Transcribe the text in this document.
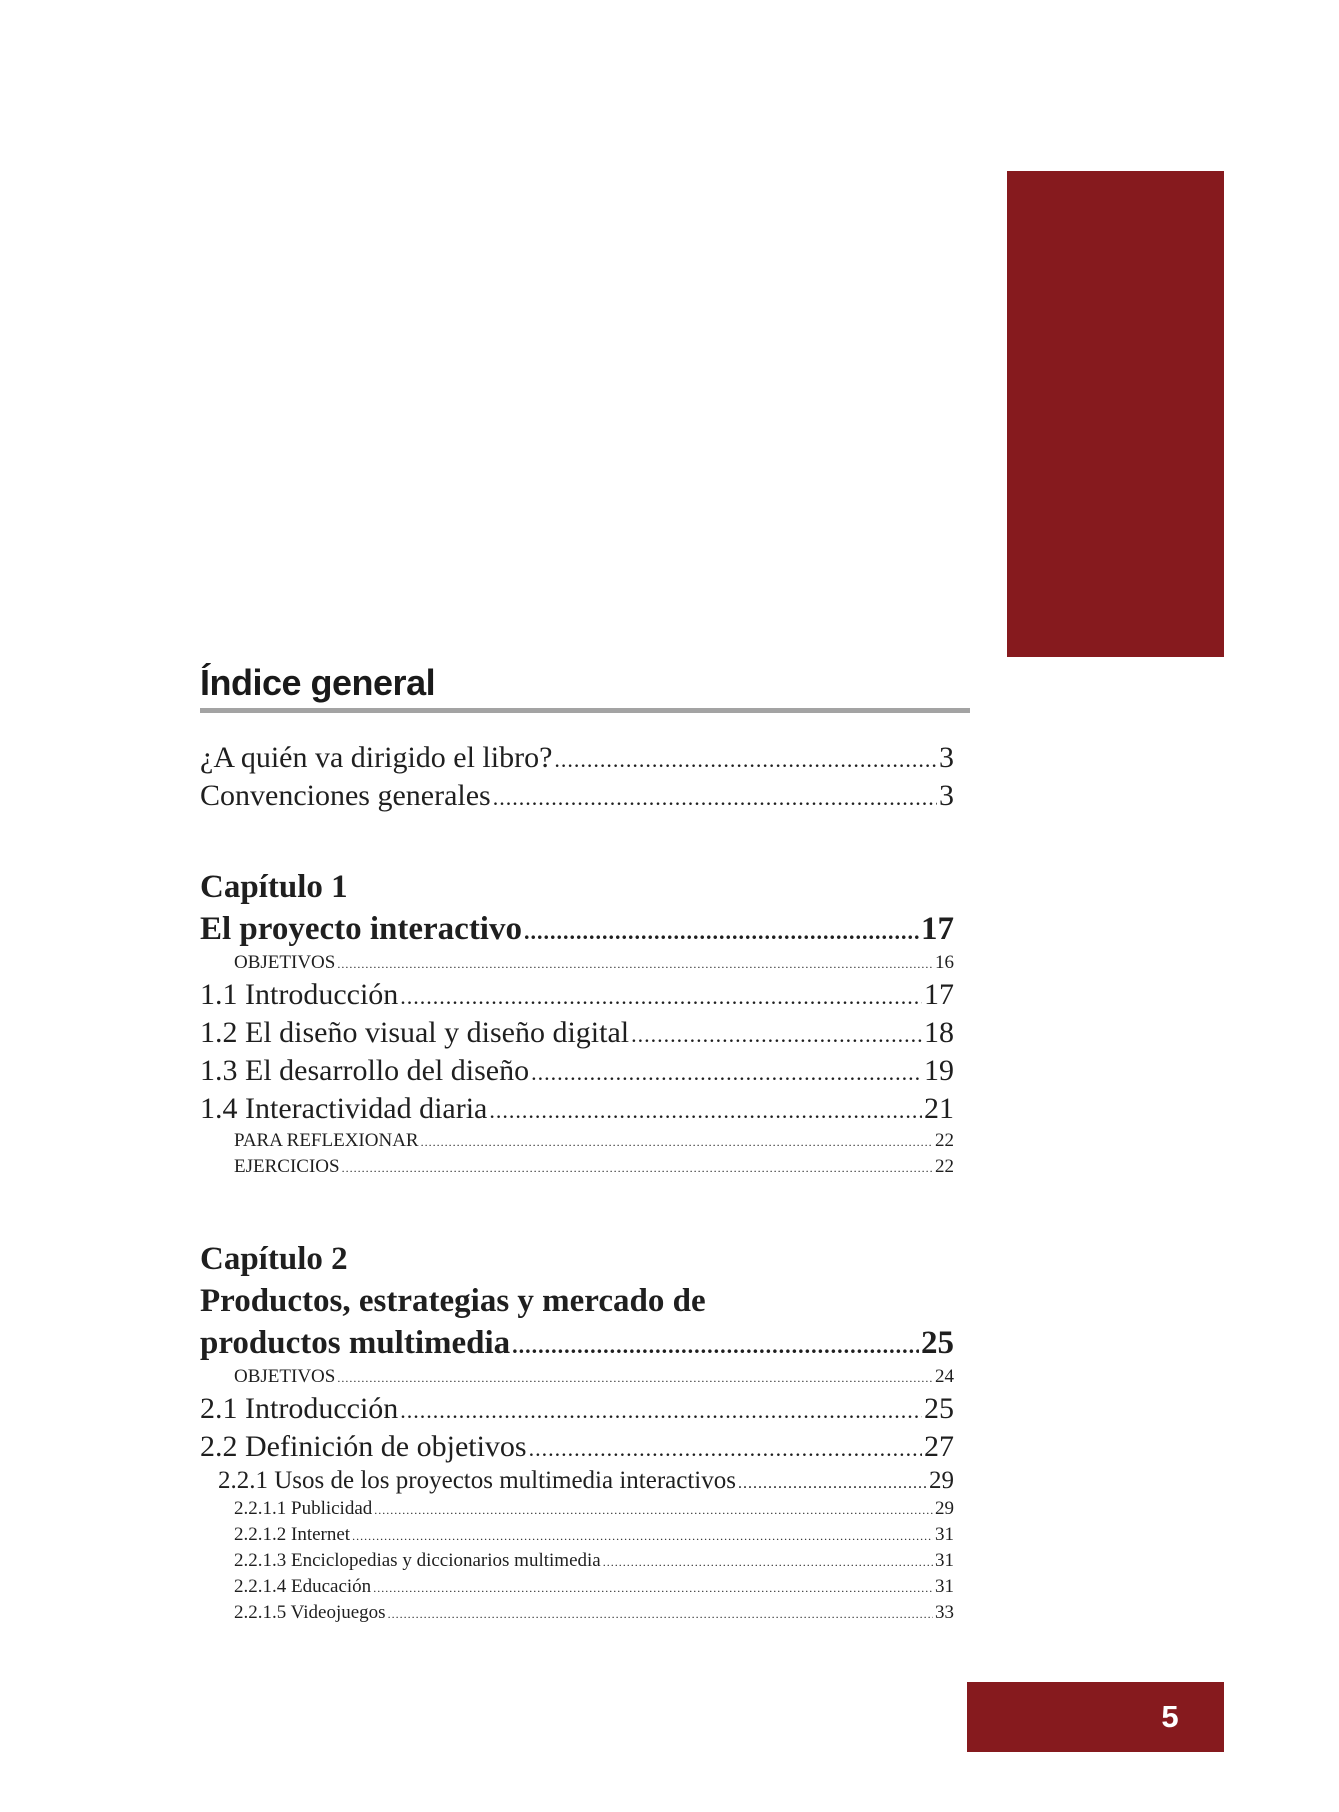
Índice general
¿A quién va dirigido el libro? .....	3
Convenciones generales .....	3
Capítulo 1
El proyecto interactivo .....	17
OBJETIVOS .....	16
1.1 Introducción .....	17
1.2 El diseño visual y diseño digital .....	18
1.3 El desarrollo del diseño .....	19
1.4 Interactividad diaria .....	21
PARA REFLEXIONAR .....	22
EJERCICIOS .....	22
Capítulo 2
Productos, estrategias y mercado de
productos multimedia .....	25
OBJETIVOS .....	24
2.1 Introducción .....	25
2.2 Definición de objetivos .....	27
2.2.1 Usos de los proyectos multimedia interactivos .....	29
2.2.1.1 Publicidad .....	29
2.2.1.2 Internet .....	31
2.2.1.3 Enciclopedias y diccionarios multimedia .....	31
2.2.1.4 Educación .....	31
2.2.1.5 Videojuegos .....	33
5
